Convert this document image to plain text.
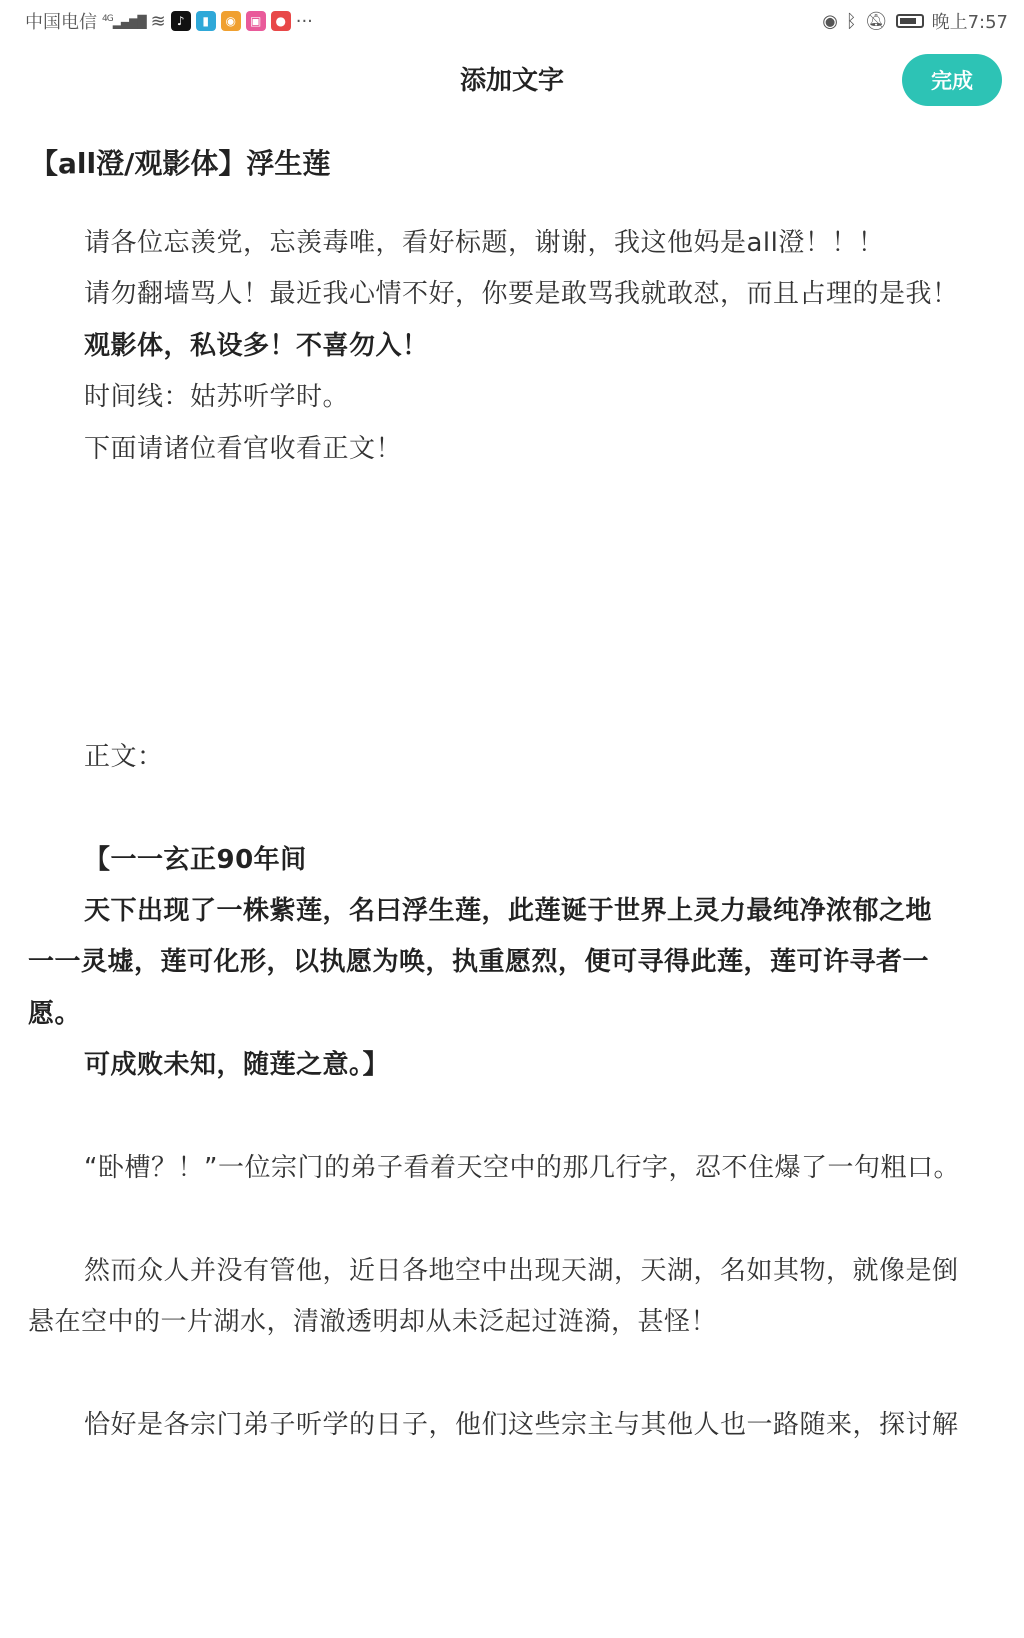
中国电信 $^{4G}$▂▄▆█ ≋ ♪	▮	◉	▣	● ···	◉ ᛒ 🔕︎ 晚上7:57
添加文字	完成
【all澄/观影体】浮生莲
请各位忘羡党，忘羡毒唯，看好标题，谢谢，我这他妈是all澄！！！
请勿翻墙骂人！最近我心情不好，你要是敢骂我就敢怼，而且占理的是我！
观影体，私设多！不喜勿入！
时间线：姑苏听学时。
下面请诸位看官收看正文！
正文：
【一一玄正90年间
天下出现了一株紫莲，名曰浮生莲，此莲诞于世界上灵力最纯净浓郁之地
一一灵墟，莲可化形，以执愿为唤，执重愿烈，便可寻得此莲，莲可许寻者一
愿。
可成败未知，随莲之意。】
“卧槽？！”一位宗门的弟子看着天空中的那几行字，忍不住爆了一句粗口。
然而众人并没有管他，近日各地空中出现天湖，天湖，名如其物，就像是倒
悬在空中的一片湖水，清澈透明却从未泛起过涟漪，甚怪！
恰好是各宗门弟子听学的日子，他们这些宗主与其他人也一路随来，探讨解
